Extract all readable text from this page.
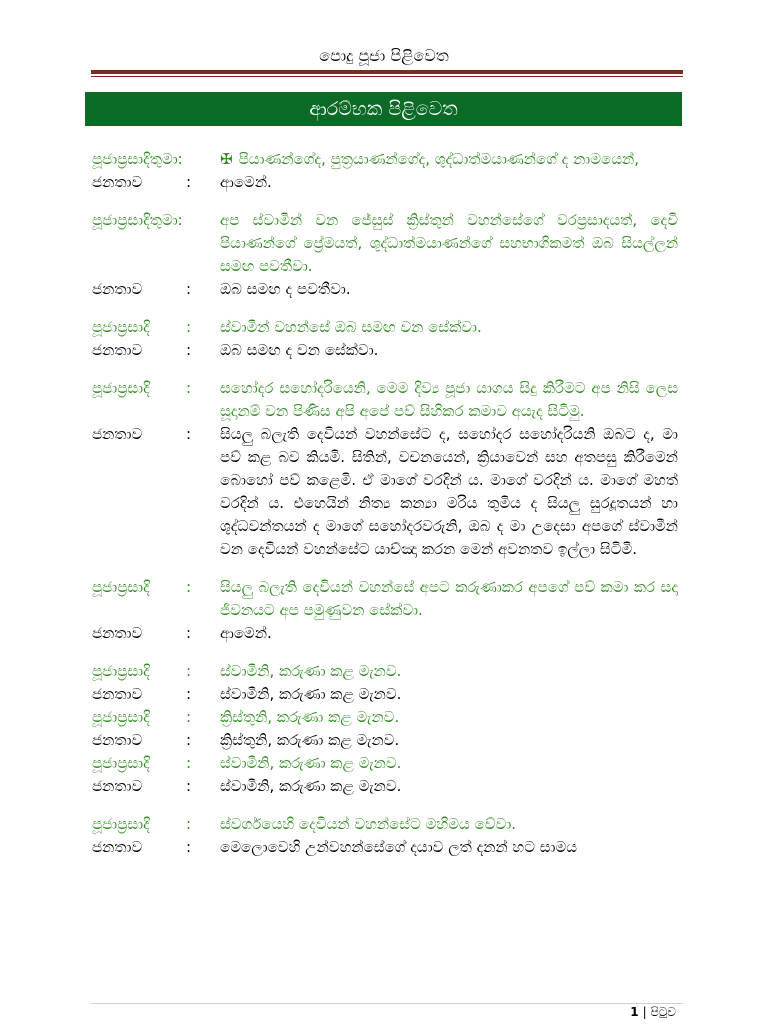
පොදු පූජා පිළිවෙත
ආරම්භක පිළිවෙත
පූජාප්‍රසාදිතුමා:	✠ පියාණන්ගේද, පුත්‍රයාණන්ගේද, ශුද්ධාත්මයාණන්ගේ ද නාමයෙන්,
ජනතාව	: ආමෙන්.
පූජාප්‍රසාදිතුමා:	අප ස්වාමීන් වන ජේසුස් ක්‍රිස්තුන් වහන්සේගේ වරප්‍රසාදයත්, දෙවි පියාණන්ගේ ප්‍රේමයත්, ශුද්ධාත්මයාණන්ගේ සහභාගිකමත් ඔබ සියල්ලන් සමඟ පවතීවා.
ජනතාව	: ඔබ සමඟ ද පවතීවා.
පූජාප්‍රසාදි : ස්වාමීන් වහන්සේ ඔබ සමඟ වන සේක්වා.
ජනතාව	: ඔබ සමඟ ද වන සේක්වා.
පූජාප්‍රසාදි : සහෝදර සහෝදරියෙනි, මෙම දිව්‍ය පූජා යාගය සිදු කිරීමට අප නිසි ලෙස සූදානම් වන පිණිස අපි අපේ පව් සිහිකර කමාව අයැද සිටිමු.
ජනතාව	: සියලු බලැති දෙවියන් වහන්සේට ද, සහෝදර සහෝදරියනි ඔබට ද, මා පව් කළ බව කියමි. සිතින්, වචනයෙන්, ක්‍රියාවෙන් සහ අතපසු කිරීමෙන් බොහෝ පව් කළෙමි. ඒ මාගේ වරදින් ය. මාගේ වරදින් ය. මාගේ මහත් වරදින් ය. එහෙයින් නිත්‍ය කන්‍යා මරිය තුමිය ද සියලු සුරදූතයන් හා ශුද්ධවන්තයන් ද මාගේ සහෝදරවරුනි, ඔබ ද මා උදෙසා අපගේ ස්වාමීන් වන දෙවියන් වහන්සේට යාච්ඤා කරන මෙන් අවනතව ඉල්ලා සිටිමි.
පූජාප්‍රසාදි : සියලු බලැති දෙවියන් වහන්සේ අපට කරුණාකර අපගේ පව් කමා කර සදා ජීවනයට අප පමුණුවන සේක්වා.
ජනතාව	: ආමෙන්.
පූජාප්‍රසාදි : ස්වාමීනි, කරුණා කළ මැනව.
ජනතාව	: ස්වාමීනි, කරුණා කළ මැනව.
පූජාප්‍රසාදි : ක්‍රිස්තුනි, කරුණා කළ මැනව.
ජනතාව	: ක්‍රිස්තුනි, කරුණා කළ මැනව.
පූජාප්‍රසාදි : ස්වාමීනි, කරුණා කළ මැනව.
ජනතාව	: ස්වාමීනි, කරුණා කළ මැනව.
පූජාප්‍රසාදි : ස්වර්ගයෙහි දෙවියන් වහන්සේට මහිමය වේවා.
ජනතාව	: මෙලොවෙහි උන්වහන්සේගේ දයාව ලත් දනන් හට සාමය
1 | පිටුව
